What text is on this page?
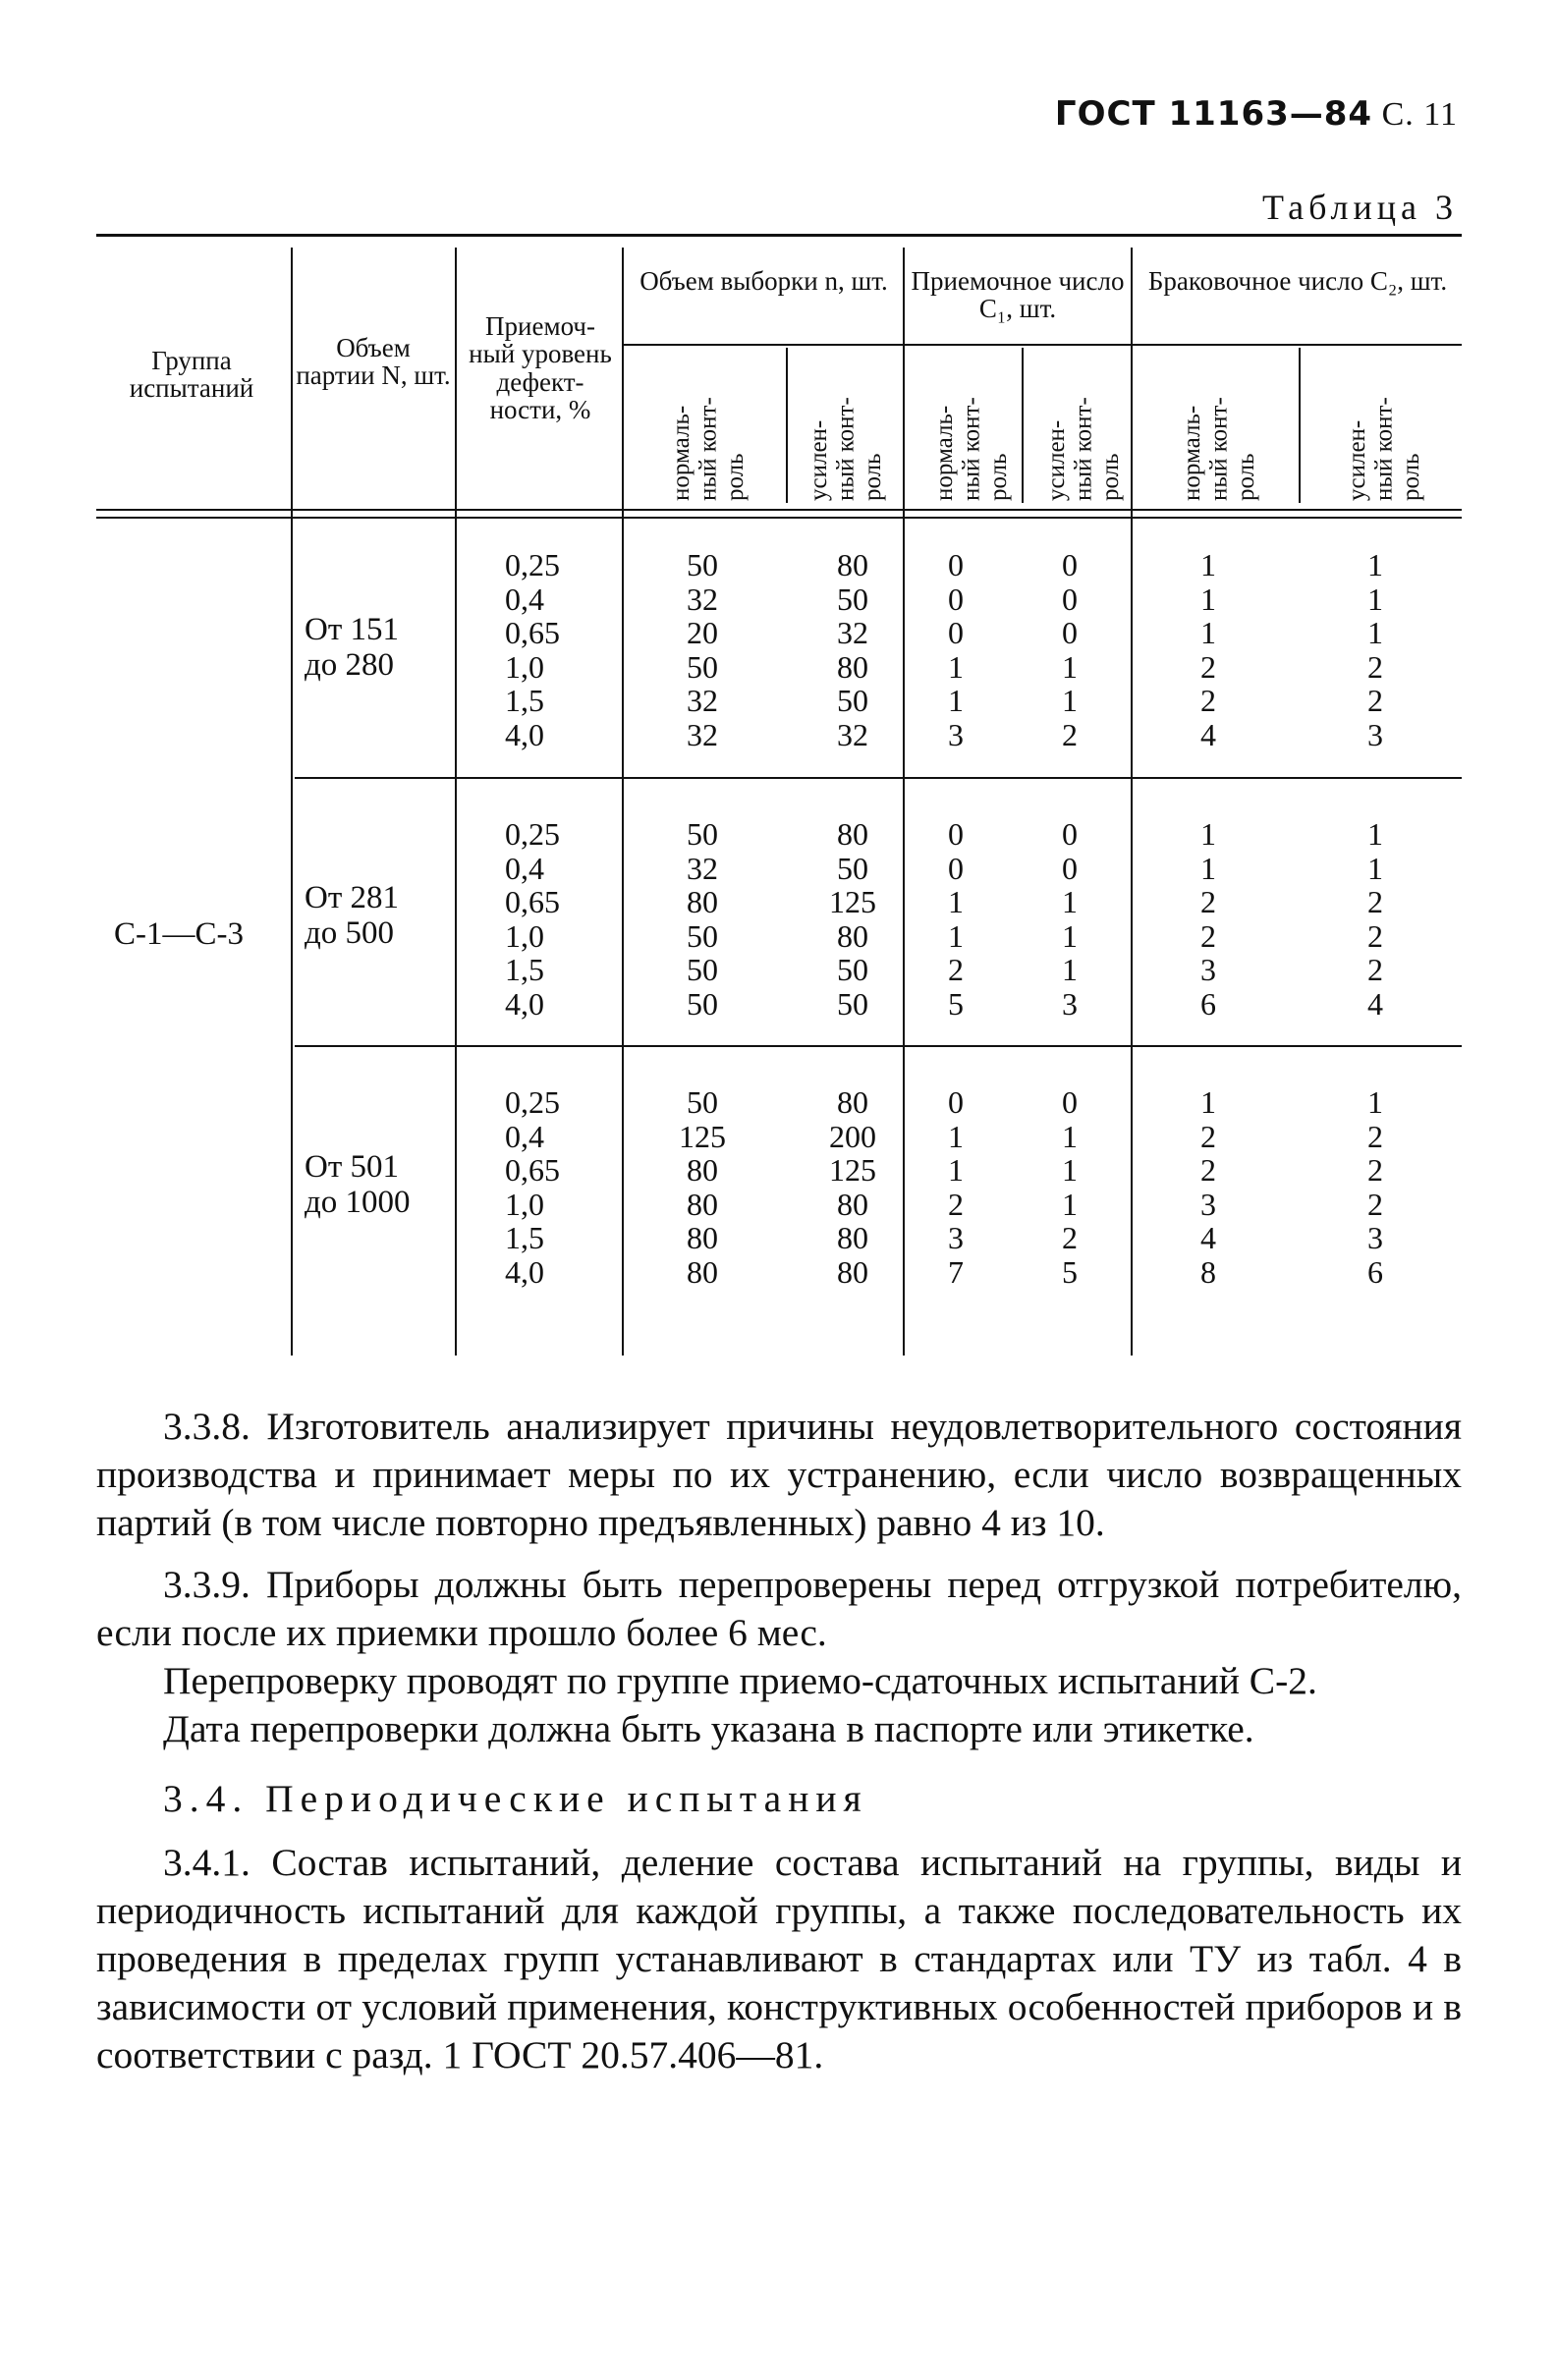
ГОСТ 11163—84 С. 11
Таблица 3
Группа испытаний
Объем партии N, шт.
Приемоч- ный уровень дефект- ности, %
Объем выборки n, шт. Приемочное число C₁, шт.
Браковочное число C₂, шт.
нормаль-
ный конт-
роль усилен-
ный конт-
роль нормаль-
ный конт-
роль усилен-
ный конт-
роль нормаль-
ный конт-
роль	усилен-
ный конт-
роль
С-1—С-3
От 151
до 280
0,25
0,4
0,65
1,0
1,5
4,0
50
32
20
50
32
32
80
50
32
80
50
32
0
0
0
1
1
3
0
0
0
1
1
2
1
1
1
2
2
4
1
1
1
2
2
3
От 281
до 500
0,25
0,4
0,65
1,0
1,5
4,0
50
32
80
50
50
50
80
50
125
80
50
50
0
0
1
1
2
5
0
0
1
1
1
3
1
1
2
2
3
6
1
1
2
2
2
4
От 501
до 1000
0,25
0,4
0,65
1,0
1,5
4,0
50
125
80
80
80
80
80
200
125
80
80
80
0
1
1
2
3
7
0
1
1
1
2
5
1
2
2
3
4
8
1
2
2
2
3
6

3.3.8. Изготовитель анализирует причины неудовлетворительного состояния производства и принимает меры по их устранению, если число возвращенных партий (в том числе повторно предъявленных) равно 4 из 10.

3.3.9. Приборы должны быть перепроверены перед отгрузкой потребителю, если после их приемки прошло более 6 мес.

Перепроверку проводят по группе приемо-сдаточных испытаний С-2.

Дата перепроверки должна быть указана в паспорте или этикетке.

3.4. Периодические испытания

3.4.1. Состав испытаний, деление состава испытаний на группы, виды и периодичность испытаний для каждой группы, а также последовательность их проведения в пределах групп устанавливают в стандартах или ТУ из табл. 4 в зависимости от условий применения, конструктивных особенностей приборов и в соответствии с разд. 1 ГОСТ 20.57.406—81.
